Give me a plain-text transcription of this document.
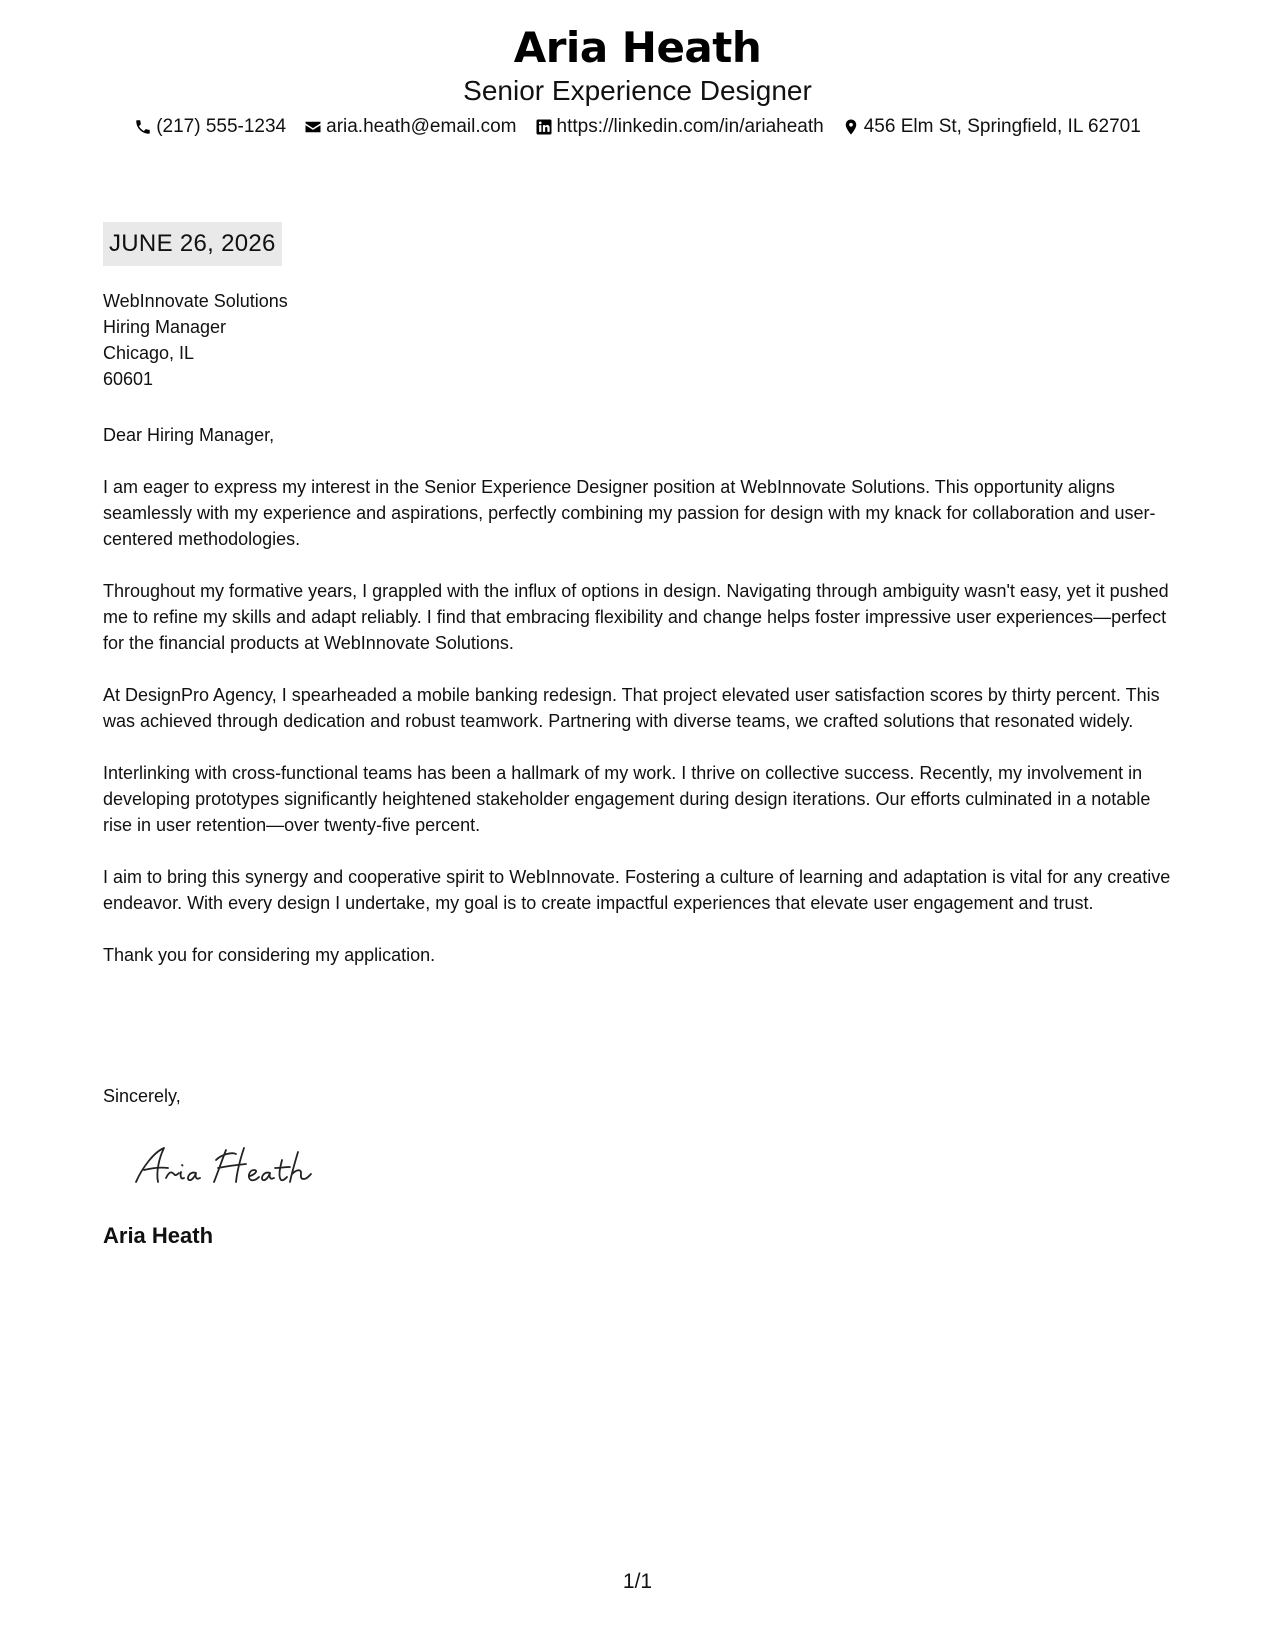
Aria Heath
Senior Experience Designer
(217) 555-1234 aria.heath@email.com https://linkedin.com/in/ariaheath 456 Elm St, Springfield, IL 62701
JUNE 26, 2026
WebInnovate Solutions
Hiring Manager
Chicago, IL
60601

Dear Hiring Manager,

I am eager to express my interest in the Senior Experience Designer position at WebInnovate Solutions. This opportunity aligns seamlessly with my experience and aspirations, perfectly combining my passion for design with my knack for collaboration and user-centered methodologies.

Throughout my formative years, I grappled with the influx of options in design. Navigating through ambiguity wasn't easy, yet it pushed me to refine my skills and adapt reliably. I find that embracing flexibility and change helps foster impressive user experiences—perfect for the financial products at WebInnovate Solutions.

At DesignPro Agency, I spearheaded a mobile banking redesign. That project elevated user satisfaction scores by thirty percent. This was achieved through dedication and robust teamwork. Partnering with diverse teams, we crafted solutions that resonated widely.

Interlinking with cross-functional teams has been a hallmark of my work. I thrive on collective success. Recently, my involvement in developing prototypes significantly heightened stakeholder engagement during design iterations. Our efforts culminated in a notable rise in user retention—over twenty-five percent.

I aim to bring this synergy and cooperative spirit to WebInnovate. Fostering a culture of learning and adaptation is vital for any creative endeavor. With every design I undertake, my goal is to create impactful experiences that elevate user engagement and trust.

Thank you for considering my application.

Sincerely,
Aria Heath
1/1
